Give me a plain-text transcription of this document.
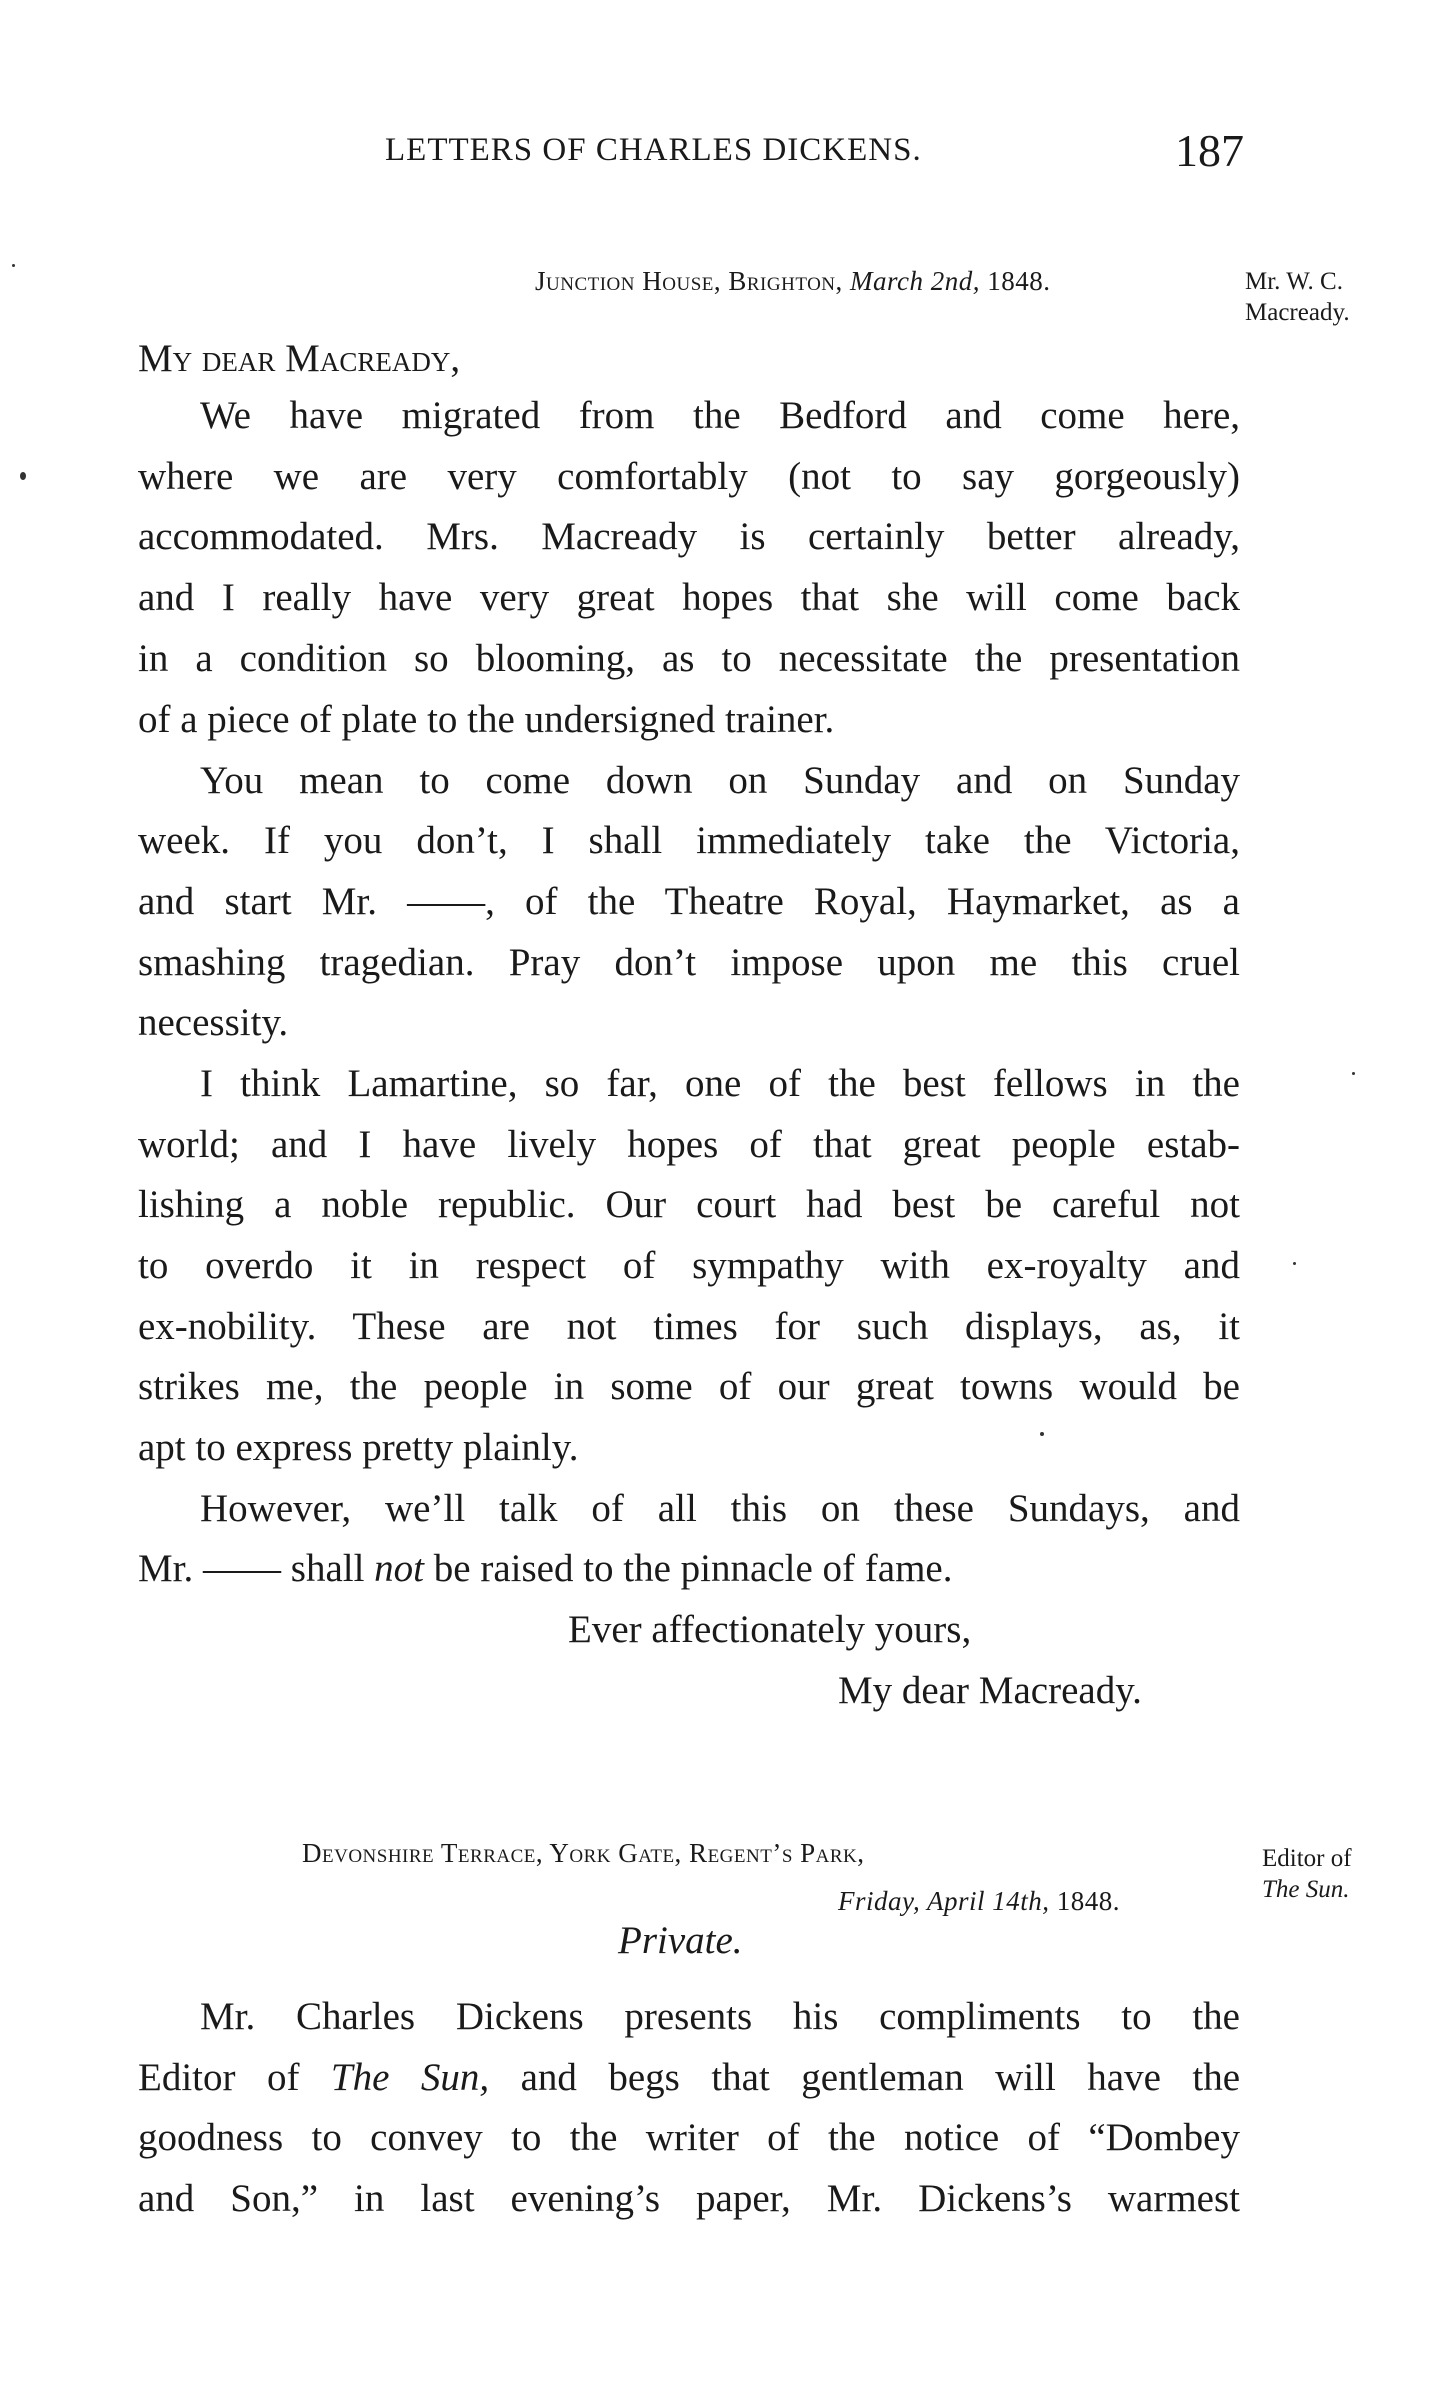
LETTERS OF CHARLES DICKENS.	187
Junction House, Brighton, March 2nd, 1848.	Mr. W. C.
Macready.
My dear Macready,
We have migrated from the Bedford and come here,
where we are very comfortably (not to say gorgeously)
accommodated. Mrs. Macready is certainly better already,
and I really have very great hopes that she will come back
in a condition so blooming, as to necessitate the presentation
of a piece of plate to the undersigned trainer.
You mean to come down on Sunday and on Sunday
week. If you don’t, I shall immediately take the Victoria,
and start Mr. ——, of the Theatre Royal, Haymarket, as a
smashing tragedian. Pray don’t impose upon me this cruel
necessity.
I think Lamartine, so far, one of the best fellows in the
world; and I have lively hopes of that great people estab-
lishing a noble republic. Our court had best be careful not
to overdo it in respect of sympathy with ex-royalty and
ex-nobility. These are not times for such displays, as, it
strikes me, the people in some of our great towns would be
apt to express pretty plainly.
However, we’ll talk of all this on these Sundays, and
Mr. —— shall not be raised to the pinnacle of fame.
Ever affectionately yours,
My dear Macready.
Devonshire Terrace, York Gate, Regent’s Park,
Friday, April 14th, 1848.
Editor of
The Sun.
Private.
Mr. Charles Dickens presents his compliments to the
Editor of The Sun, and begs that gentleman will have the
goodness to convey to the writer of the notice of “Dombey
and Son,” in last evening’s paper, Mr. Dickens’s warmest
